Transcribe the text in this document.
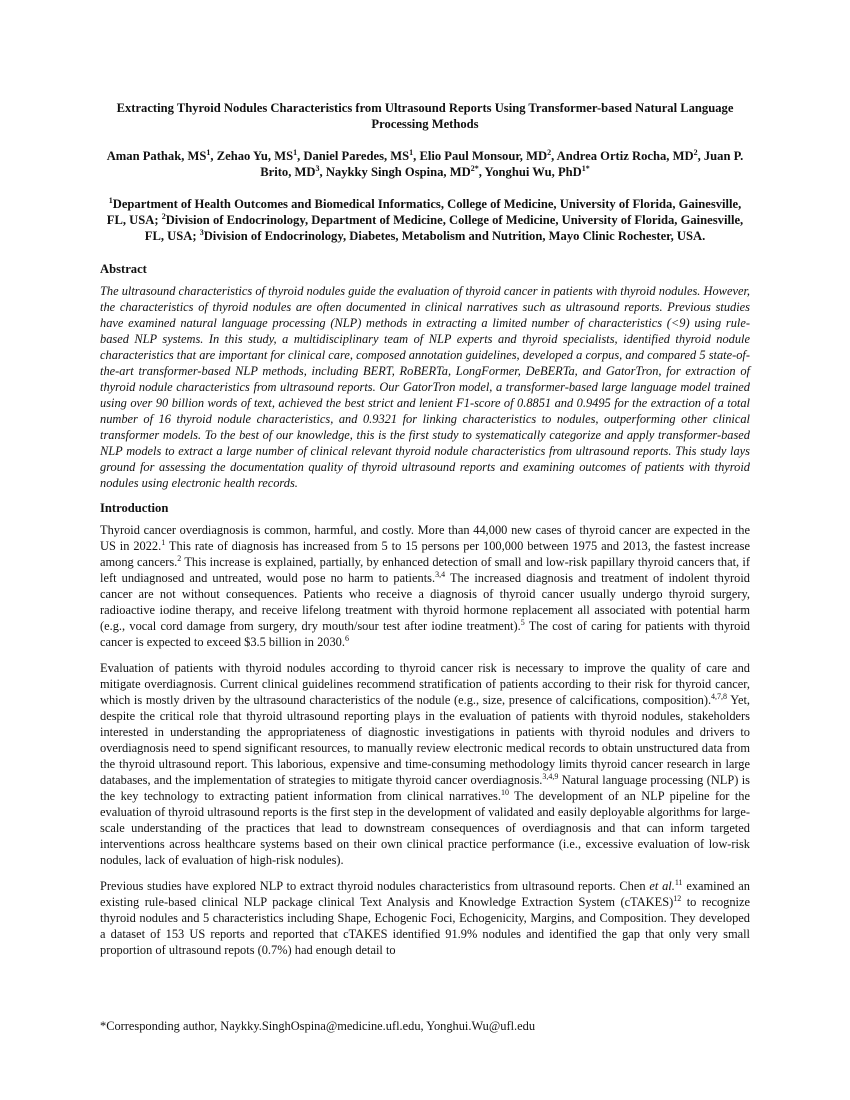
Extracting Thyroid Nodules Characteristics from Ultrasound Reports Using Transformer-based Natural Language Processing Methods
Aman Pathak, $MS^1$, Zehao Yu, $MS^1$, Daniel Paredes, $MS^1$, Elio Paul Monsour, $MD^2$, Andrea Ortiz Rocha, $MD^2$, Juan P. Brito, $MD^3$, Naykky Singh Ospina, $MD^{2*}$, Yonghui Wu, PhD$^{1*}$
$^1$Department of Health Outcomes and Biomedical Informatics, College of Medicine, University of Florida, Gainesville, FL, USA; $^2$Division of Endocrinology, Department of Medicine, College of Medicine, University of Florida, Gainesville, FL, USA; $^3$Division of Endocrinology, Diabetes, Metabolism and Nutrition, Mayo Clinic Rochester, USA.
Abstract
The ultrasound characteristics of thyroid nodules guide the evaluation of thyroid cancer in patients with thyroid nodules. However, the characteristics of thyroid nodules are often documented in clinical narratives such as ultrasound reports. Previous studies have examined natural language processing (NLP) methods in extracting a limited number of characteristics (<9) using rule-based NLP systems. In this study, a multidisciplinary team of NLP experts and thyroid specialists, identified thyroid nodule characteristics that are important for clinical care, composed annotation guidelines, developed a corpus, and compared 5 state-of-the-art transformer-based NLP methods, including BERT, RoBERTa, LongFormer, DeBERTa, and GatorTron, for extraction of thyroid nodule characteristics from ultrasound reports. Our GatorTron model, a transformer-based large language model trained using over 90 billion words of text, achieved the best strict and lenient F1-score of 0.8851 and 0.9495 for the extraction of a total number of 16 thyroid nodule characteristics, and 0.9321 for linking characteristics to nodules, outperforming other clinical transformer models. To the best of our knowledge, this is the first study to systematically categorize and apply transformer-based NLP models to extract a large number of clinical relevant thyroid nodule characteristics from ultrasound reports. This study lays ground for assessing the documentation quality of thyroid ultrasound reports and examining outcomes of patients with thyroid nodules using electronic health records.
Introduction

Thyroid cancer overdiagnosis is common, harmful, and costly. More than 44,000 new cases of thyroid cancer are expected in the US in 2022.$^1$ This rate of diagnosis has increased from 5 to 15 persons per 100,000 between 1975 and 2013, the fastest increase among cancers.$^2$ This increase is explained, partially, by enhanced detection of small and low-risk papillary thyroid cancers that, if left undiagnosed and untreated, would pose no harm to patients.$^{3,4}$ The increased diagnosis and treatment of indolent thyroid cancer are not without consequences. Patients who receive a diagnosis of thyroid cancer usually undergo thyroid surgery, radioactive iodine therapy, and receive lifelong treatment with thyroid hormone replacement all associated with potential harm (e.g., vocal cord damage from surgery, dry mouth/sour test after iodine treatment).$^5$ The cost of caring for patients with thyroid cancer is expected to exceed $3.5 billion in 2030.$^6$

Evaluation of patients with thyroid nodules according to thyroid cancer risk is necessary to improve the quality of care and mitigate overdiagnosis. Current clinical guidelines recommend stratification of patients according to their risk for thyroid cancer, which is mostly driven by the ultrasound characteristics of the nodule (e.g., size, presence of calcifications, composition).$^{4,7,8}$ Yet, despite the critical role that thyroid ultrasound reporting plays in the evaluation of patients with thyroid nodules, stakeholders interested in understanding the appropriateness of diagnostic investigations in patients with thyroid nodules and drivers to overdiagnosis need to spend significant resources, to manually review electronic medical records to obtain unstructured data from the thyroid ultrasound report. This laborious, expensive and time-consuming methodology limits thyroid cancer research in large databases, and the implementation of strategies to mitigate thyroid cancer overdiagnosis.$^{3,4,9}$ Natural language processing (NLP) is the key technology to extracting patient information from clinical narratives.$^{10}$ The development of an NLP pipeline for the evaluation of thyroid ultrasound reports is the first step in the development of validated and easily deployable algorithms for large-scale understanding of the practices that lead to downstream consequences of overdiagnosis and that can inform targeted interventions across healthcare systems based on their own clinical practice performance (i.e., excessive evaluation of low-risk nodules, lack of evaluation of high-risk nodules).

Previous studies have explored NLP to extract thyroid nodules characteristics from ultrasound reports. Chen et al.$^{11}$ examined an existing rule-based clinical NLP package clinical Text Analysis and Knowledge Extraction System (cTAKES)$^{12}$ to recognize thyroid nodules and 5 characteristics including Shape, Echogenic Foci, Echogenicity, Margins, and Composition. They developed a dataset of 153 US reports and reported that cTAKES identified 91.9% nodules and identified the gap that only very small proportion of ultrasound repots (0.7%) had enough detail to

*Corresponding author, Naykky.SinghOspina@medicine.ufl.edu, Yonghui.Wu@ufl.edu
